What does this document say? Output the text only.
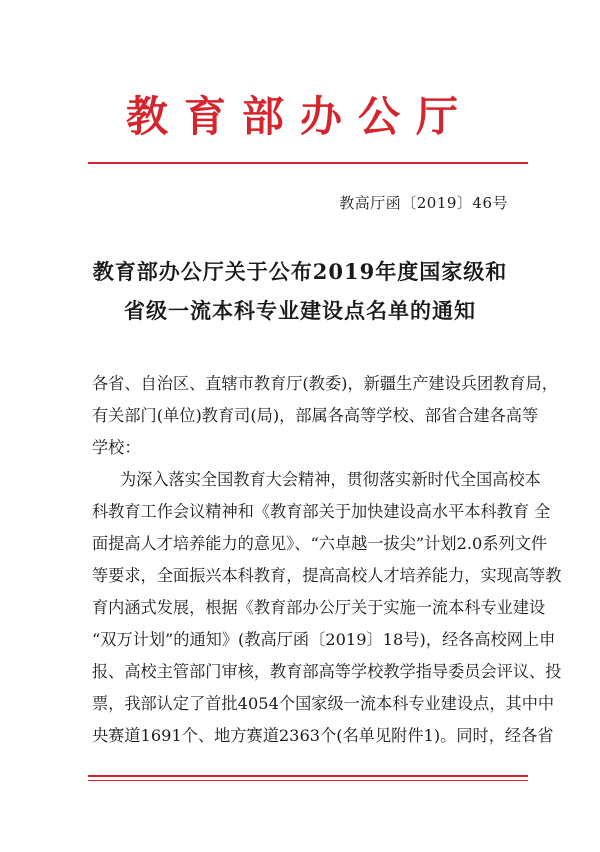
教育部办公厅
教高厅函〔2019〕46号
教育部办公厅关于公布2019年度国家级和
省级一流本科专业建设点名单的通知
各省、自治区、直辖市教育厅(教委)，新疆生产建设兵团教育局，
有关部门(单位)教育司(局)，部属各高等学校、部省合建各高等
学校：
为深入落实全国教育大会精神，贯彻落实新时代全国高校本
科教育工作会议精神和《教育部关于加快建设高水平本科教育 全
面提高人才培养能力的意见》、“六卓越一拔尖”计划2.0系列文件
等要求，全面振兴本科教育，提高高校人才培养能力，实现高等教
育内涵式发展，根据《教育部办公厅关于实施一流本科专业建设
“双万计划”的通知》(教高厅函〔2019〕18号)，经各高校网上申
报、高校主管部门审核，教育部高等学校教学指导委员会评议、投
票，我部认定了首批4054个国家级一流本科专业建设点，其中中
央赛道1691个、地方赛道2363个(名单见附件1)。同时，经各省
